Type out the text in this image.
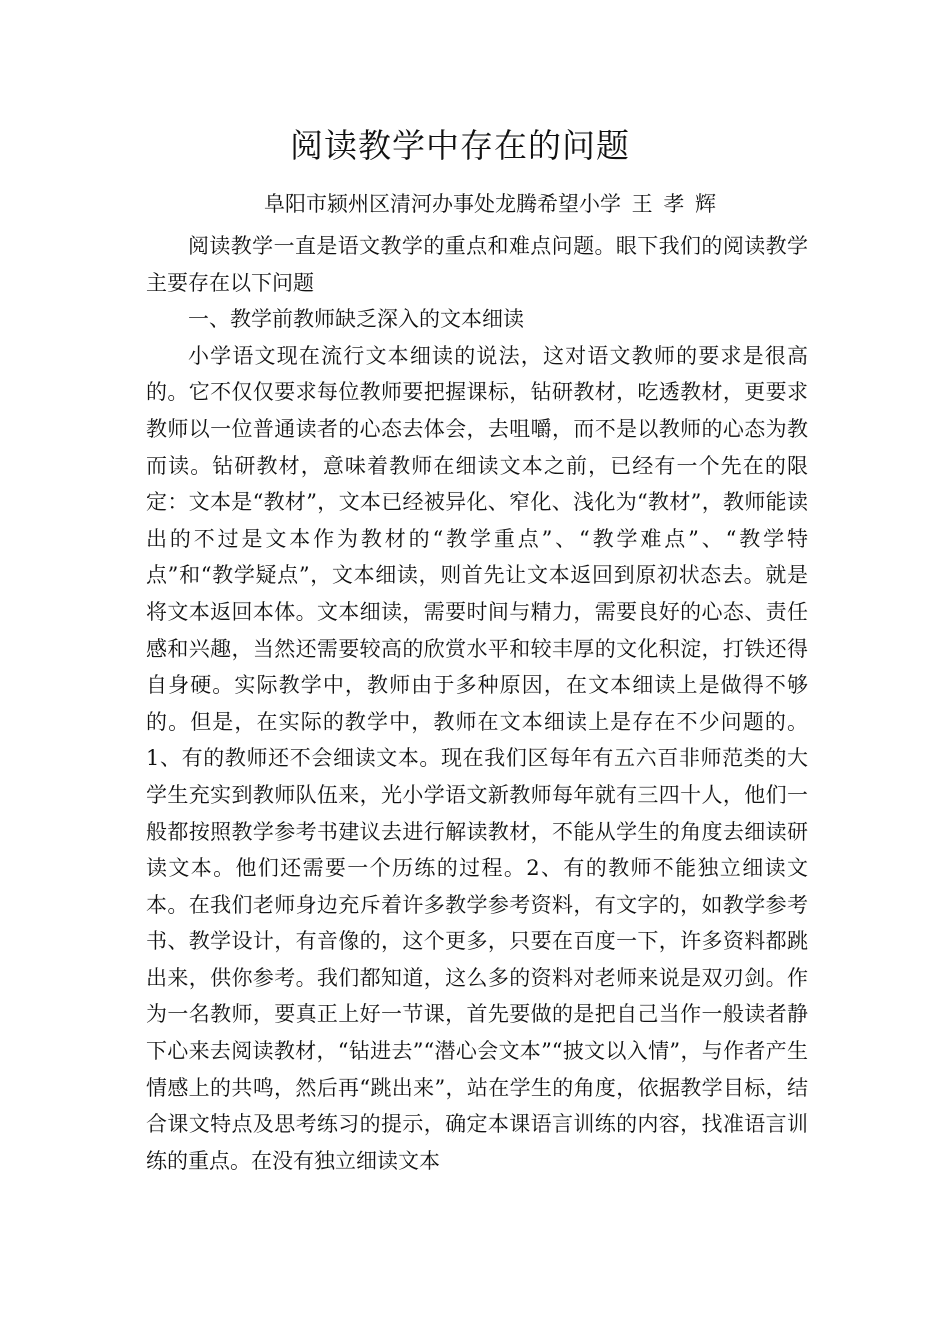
阅读教学中存在的问题
阜阳市颍州区清河办事处龙腾希望小学 王 孝 辉

阅读教学一直是语文教学的重点和难点问题。眼下我们的阅读教学主要存在以下问题

一、教学前教师缺乏深入的文本细读

小学语文现在流行文本细读的说法，这对语文教师的要求是很高的。它不仅仅要求每位教师要把握课标，钻研教材，吃透教材，更要求教师以一位普通读者的心态去体会，去咀嚼，而不是以教师的心态为教而读。钻研教材，意味着教师在细读文本之前，已经有一个先在的限定：文本是“教材”，文本已经被异化、窄化、浅化为“教材”，教师能读出的不过是文本作为教材的“教学重点”、“教学难点”、“教学特点”和“教学疑点”，文本细读，则首先让文本返回到原初状态去。就是将文本返回本体。文本细读，需要时间与精力，需要良好的心态、责任感和兴趣，当然还需要较高的欣赏水平和较丰厚的文化积淀，打铁还得自身硬。实际教学中，教师由于多种原因，在文本细读上是做得不够的。但是，在实际的教学中，教师在文本细读上是存在不少问题的。1、有的教师还不会细读文本。现在我们区每年有五六百非师范类的大学生充实到教师队伍来，光小学语文新教师每年就有三四十人，他们一般都按照教学参考书建议去进行解读教材，不能从学生的角度去细读研读文本。他们还需要一个历练的过程。2、有的教师不能独立细读文本。在我们老师身边充斥着许多教学参考资料，有文字的，如教学参考书、教学设计，有音像的，这个更多，只要在百度一下，许多资料都跳出来，供你参考。我们都知道，这么多的资料对老师来说是双刃剑。作为一名教师，要真正上好一节课，首先要做的是把自己当作一般读者静下心来去阅读教材，“钻进去”“潜心会文本”“披文以入情”，与作者产生情感上的共鸣，然后再“跳出来”，站在学生的角度，依据教学目标，结合课文特点及思考练习的提示，确定本课语言训练的内容，找准语言训练的重点。在没有独立细读文本
